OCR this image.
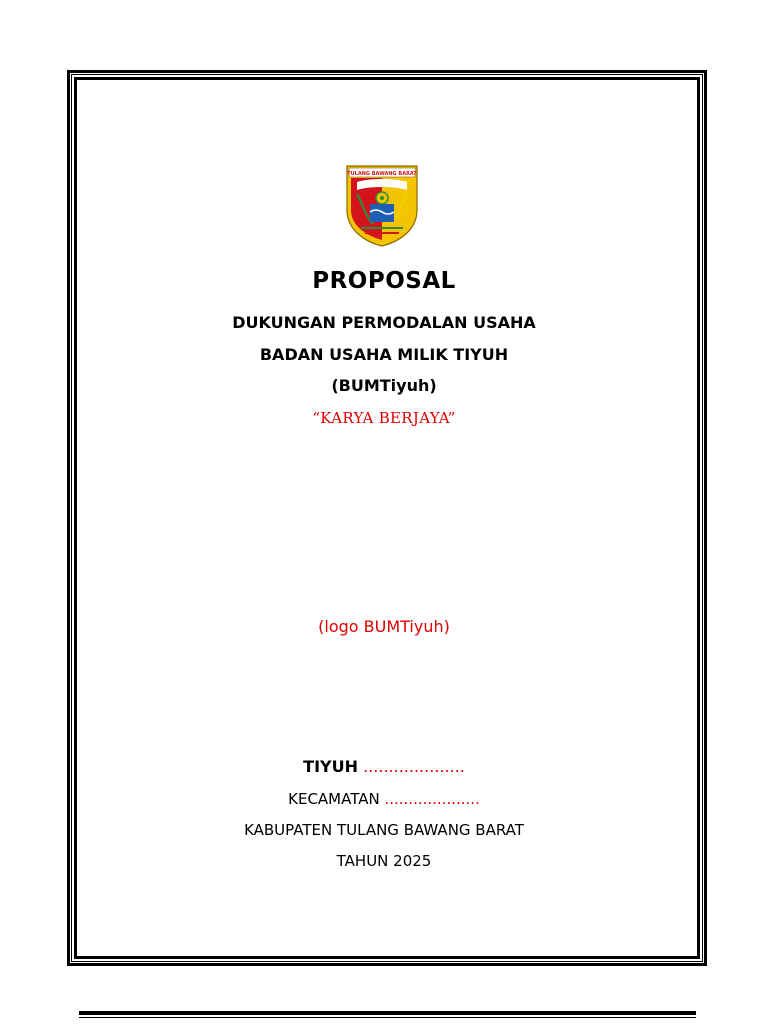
TULANG BAWANG BARAT
PROPOSAL
DUKUNGAN PERMODALAN USAHA
BADAN USAHA MILIK TIYUH
(BUMTiyuh)
“KARYA BERJAYA”
(logo BUMTiyuh)
TIYUH ....................
KECAMATAN ....................
KABUPATEN TULANG BAWANG BARAT
TAHUN 2025
